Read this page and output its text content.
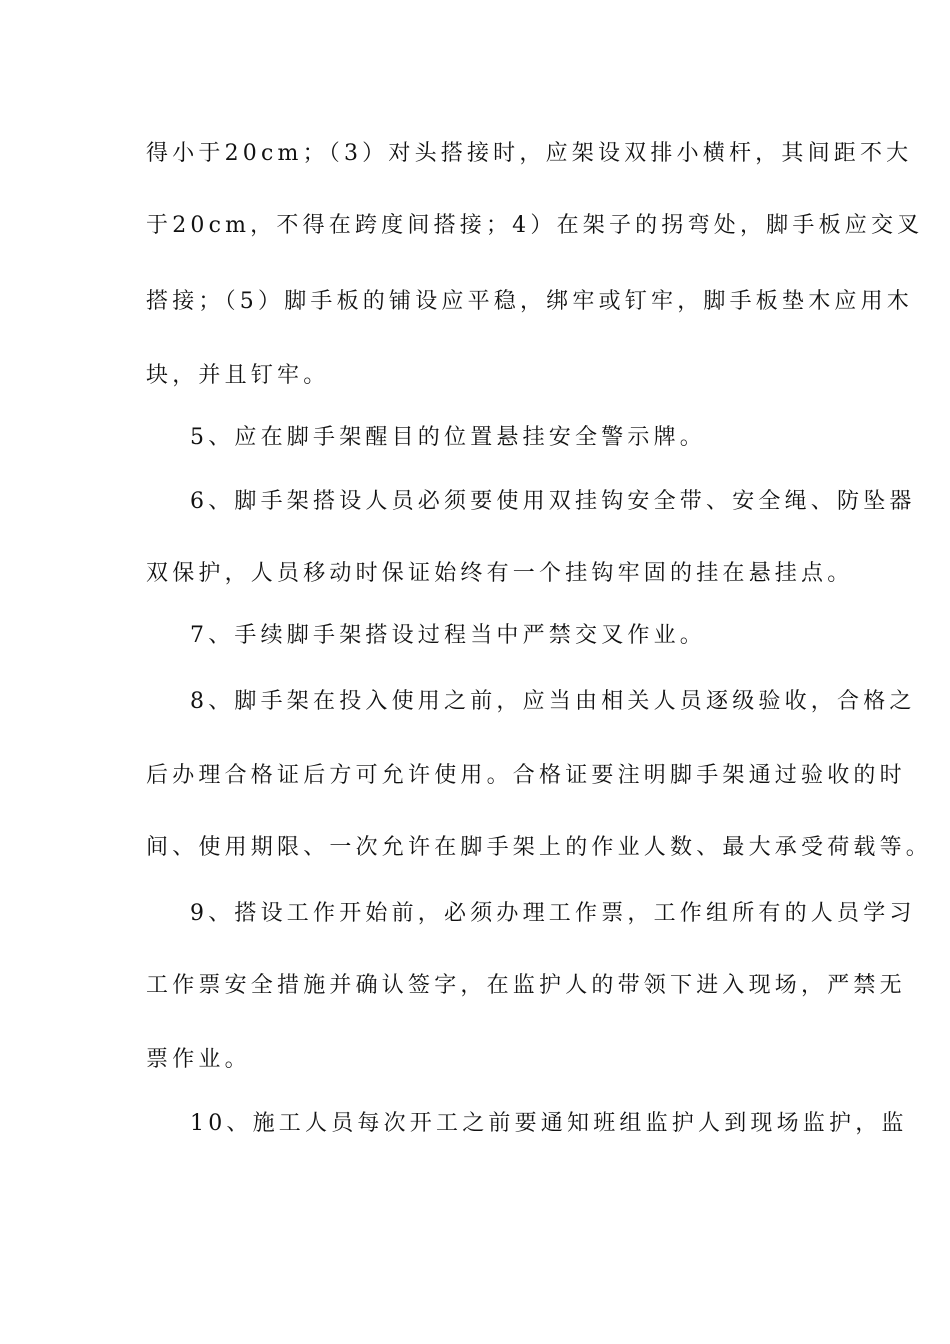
得小于20cm；（3）对头搭接时，应架设双排小横杆，其间距不大
于20cm，不得在跨度间搭接；4）在架子的拐弯处，脚手板应交叉
搭接；（5）脚手板的铺设应平稳，绑牢或钉牢，脚手板垫木应用木
块，并且钉牢。
5、应在脚手架醒目的位置悬挂安全警示牌。
6、脚手架搭设人员必须要使用双挂钩安全带、安全绳、防坠器
双保护，人员移动时保证始终有一个挂钩牢固的挂在悬挂点。
7、手续脚手架搭设过程当中严禁交叉作业。
8、脚手架在投入使用之前，应当由相关人员逐级验收，合格之
后办理合格证后方可允许使用。合格证要注明脚手架通过验收的时
间、使用期限、一次允许在脚手架上的作业人数、最大承受荷载等。
9、搭设工作开始前，必须办理工作票，工作组所有的人员学习
工作票安全措施并确认签字，在监护人的带领下进入现场，严禁无
票作业。
10、施工人员每次开工之前要通知班组监护人到现场监护，监
